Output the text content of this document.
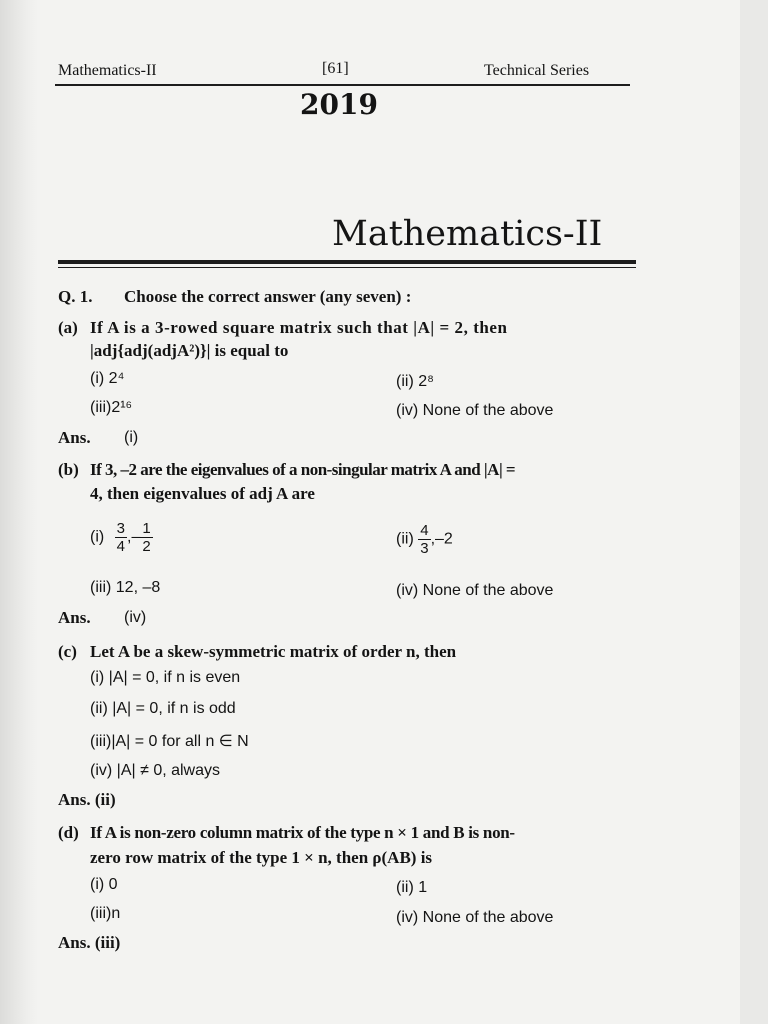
Mathematics-II	[61]	Technical Series
2019
Mathematics-II
Q. 1. Choose the correct answer (any seven) :
(a) If A is a 3-rowed square matrix such that |A| = 2, then
|adj{adj(adjA²)}| is equal to
(i) 2⁴	(ii) 2⁸
(iii)2¹⁶	(iv) None of the above
Ans. (i)
(b) If 3, –2 are the eigenvalues of a non-singular matrix A and |A| =
4, then eigenvalues of adj A are
$(i) \frac{3}{4}$ ,– $\frac{1}{2}$	$(ii) \frac{4}{3} ,-2$
(iii) 12, –8	(iv) None of the above
Ans. (iv)
(c) Let A be a skew-symmetric matrix of order n, then
(i) |A| = 0, if n is even
(ii) |A| = 0, if n is odd
(iii)|A| = 0 for all n ∈ N
(iv) |A| ≠ 0, always
Ans. (ii)
(d) If A is non-zero column matrix of the type n × 1 and B is non-
zero row matrix of the type 1 × n, then ρ(AB) is
(i) 0	(ii) 1
(iii)n	(iv) None of the above
Ans. (iii)
